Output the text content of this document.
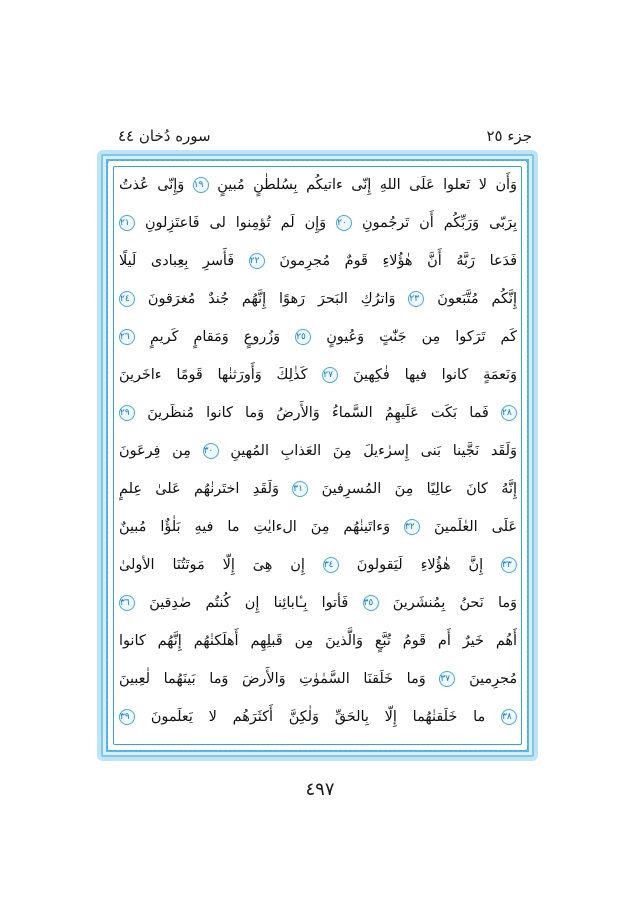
جزء ٢٥
سوره دُخان ٤٤
وَأَن لا تَعلوا عَلَى اللهِ إِنّى ءاتيكُم بِسُلطٰنٍ مُبينٍ ١٩ وَإِنّى عُذتُ
بِرَبّى وَرَبِّكُم أَن تَرجُمونِ ٢٠ وَإِن لَم تُؤمِنوا لى فَاعتَزِلونِ ٢١
فَدَعا رَبَّهُ أَنَّ هٰؤُلاءِ قَومٌ مُجرِمونَ ٢٢ فَأَسرِ بِعِبادى لَيلًا
إِنَّكُم مُتَّبَعونَ ٢٣ وَاترُكِ البَحرَ رَهوًا إِنَّهُم جُندٌ مُغرَقونَ ٢٤
كَم تَرَكوا مِن جَنّٰتٍ وَعُيونٍ ٢٥ وَزُروعٍ وَمَقامٍ كَريمٍ ٢٦
وَنَعمَةٍ كانوا فيها فٰكِهينَ ٢٧ كَذٰلِكَ وَأَورَثنٰها قَومًا ءاخَرينَ
٢٨ فَما بَكَت عَلَيهِمُ السَّماءُ وَالأَرضُ وَما كانوا مُنظَرينَ ٢٩
وَلَقَد نَجَّينا بَنى إِسرٰءيلَ مِنَ العَذابِ المُهينِ ٣٠ مِن فِرعَونَ
إِنَّهُ كانَ عالِيًا مِنَ المُسرِفينَ ٣١ وَلَقَدِ اختَرنٰهُم عَلىٰ عِلمٍ
عَلَى العٰلَمينَ ٣٢ وَءاتَينٰهُم مِنَ الءايٰتِ ما فيهِ بَلٰؤٌا مُبينٌ
٣٣ إِنَّ هٰؤُلاءِ لَيَقولونَ ٣٤ إِن هِىَ إِلّا مَوتَتُنَا الأولىٰ
وَما نَحنُ بِمُنشَرينَ ٣٥ فَأتوا بِـٔابائِنا إِن كُنتُم صٰدِقينَ ٣٦
أَهُم خَيرٌ أَم قَومُ تُبَّعٍ وَالَّذينَ مِن قَبلِهِم أَهلَكنٰهُم إِنَّهُم كانوا
مُجرِمينَ ٣٧ وَما خَلَقنَا السَّمٰوٰتِ وَالأَرضَ وَما بَينَهُما لٰعِبينَ
٣٨ ما خَلَقنٰهُما إِلّا بِالحَقِّ وَلٰكِنَّ أَكثَرَهُم لا يَعلَمونَ ٣٩
٤٩٧
